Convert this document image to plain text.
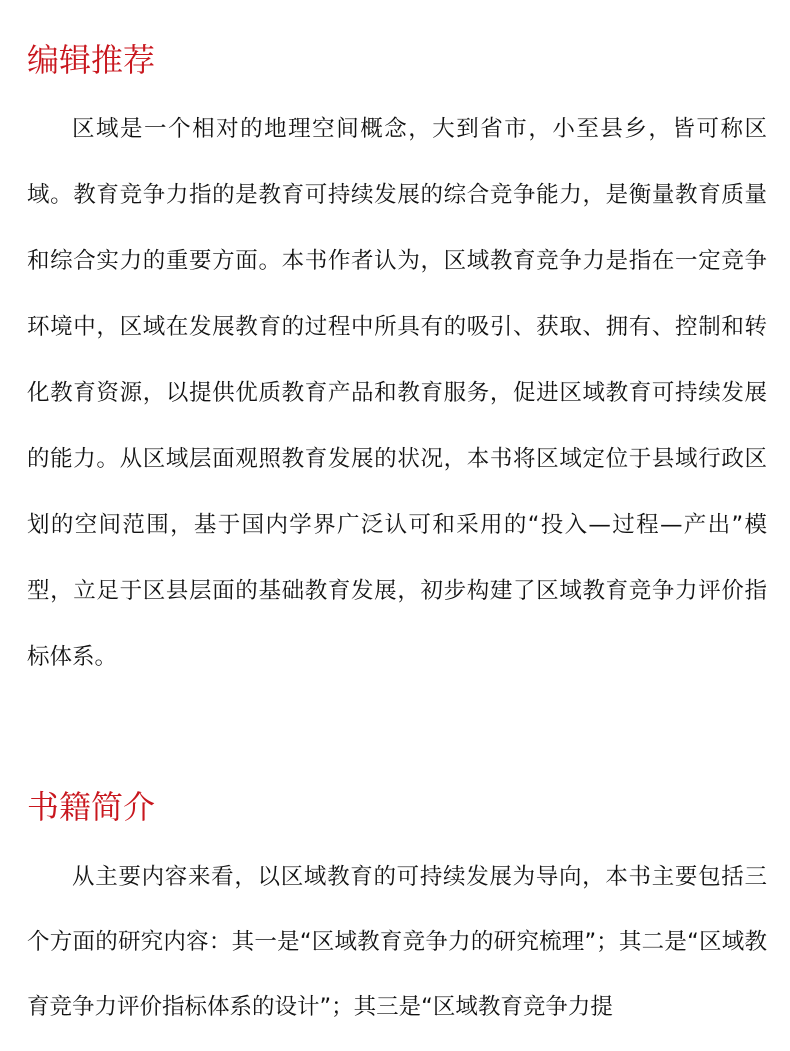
编辑推荐

区域是一个相对的地理空间概念，大到省市，小至县乡，皆可称区域。教育竞争力指的是教育可持续发展的综合竞争能力，是衡量教育质量和综合实力的重要方面。本书作者认为，区域教育竞争力是指在一定竞争环境中，区域在发展教育的过程中所具有的吸引、获取、拥有、控制和转化教育资源，以提供优质教育产品和教育服务，促进区域教育可持续发展的能力。从区域层面观照教育发展的状况，本书将区域定位于县域行政区划的空间范围，基于国内学界广泛认可和采用的“投入—过程—产出”模型，立足于区县层面的基础教育发展，初步构建了区域教育竞争力评价指标体系。

书籍简介

从主要内容来看，以区域教育的可持续发展为导向，本书主要包括三个方面的研究内容：其一是“区域教育竞争力的研究梳理”；其二是“区域教育竞争力评价指标体系的设计”；其三是“区域教育竞争力提
